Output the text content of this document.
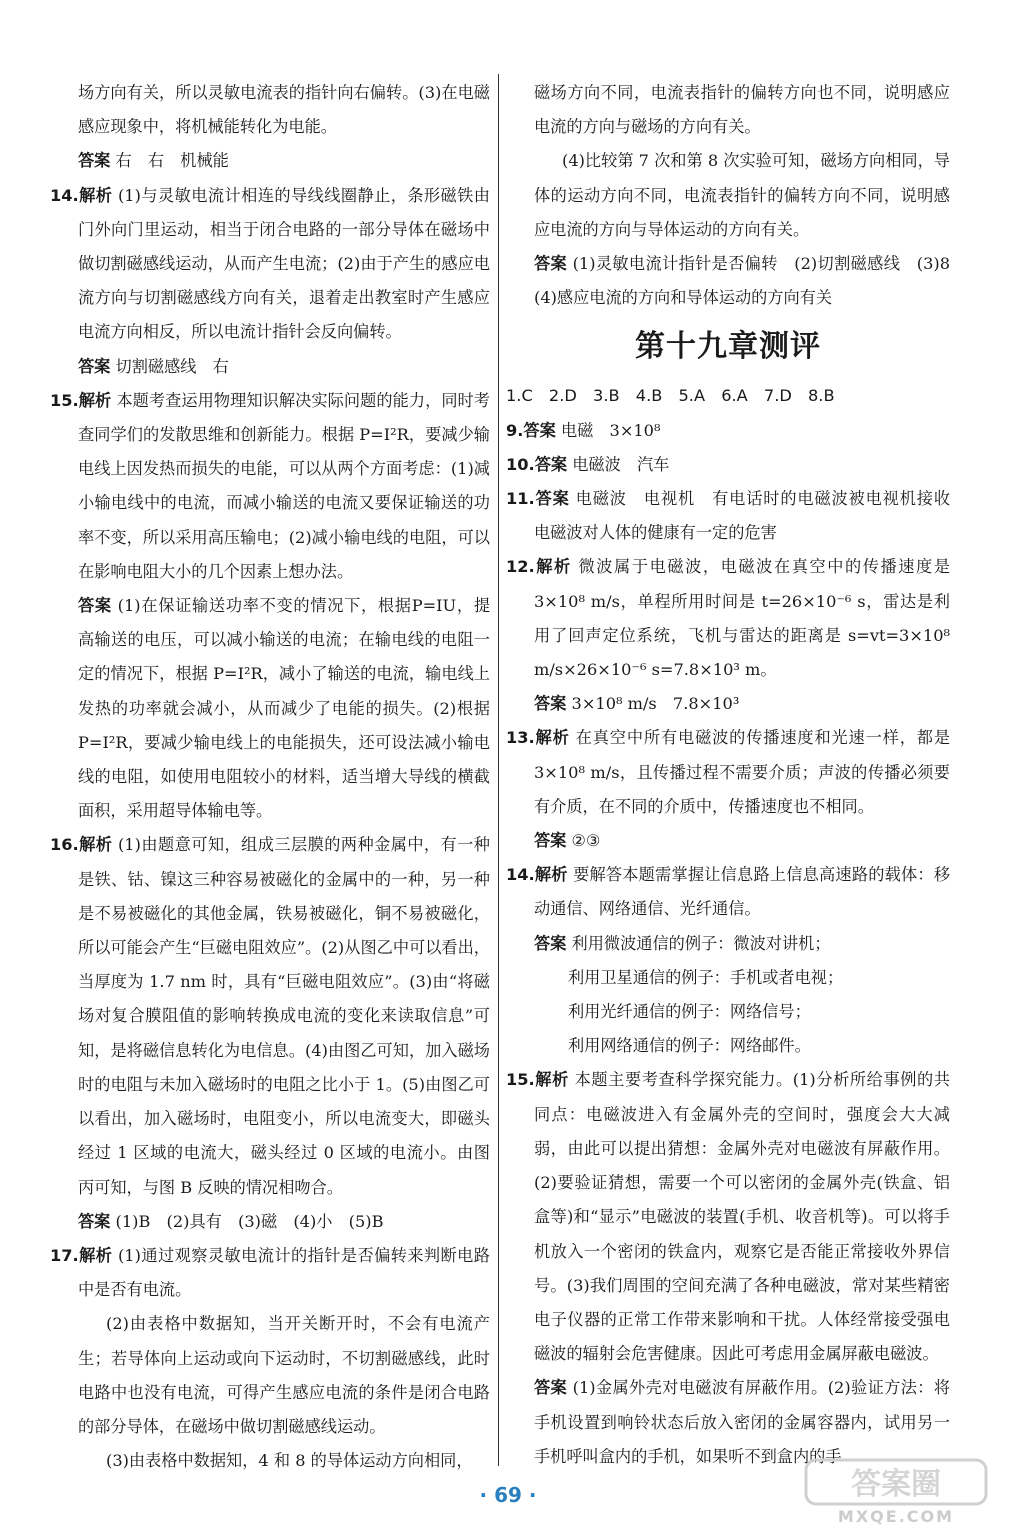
场方向有关，所以灵敏电流表的指针向右偏转。(3)在电磁感应现象中，将机械能转化为电能。

答案 右　右　机械能

14.解析 (1)与灵敏电流计相连的导线线圈静止，条形磁铁由门外向门里运动，相当于闭合电路的一部分导体在磁场中做切割磁感线运动，从而产生电流；(2)由于产生的感应电流方向与切割磁感线方向有关，退着走出教室时产生感应电流方向相反，所以电流计指针会反向偏转。

答案 切割磁感线　右

15.解析 本题考查运用物理知识解决实际问题的能力，同时考查同学们的发散思维和创新能力。根据 P=I²R，要减少输电线上因发热而损失的电能，可以从两个方面考虑：(1)减小输电线中的电流，而减小输送的电流又要保证输送的功率不变，所以采用高压输电；(2)减小输电线的电阻，可以在影响电阻大小的几个因素上想办法。

答案 (1)在保证输送功率不变的情况下，根据P=IU，提高输送的电压，可以减小输送的电流；在输电线的电阻一定的情况下，根据 P=I²R，减小了输送的电流，输电线上发热的功率就会减小，从而减少了电能的损失。(2)根据 P=I²R，要减少输电线上的电能损失，还可设法减小输电线的电阻，如使用电阻较小的材料，适当增大导线的横截面积，采用超导体输电等。

16.解析 (1)由题意可知，组成三层膜的两种金属中，有一种是铁、钴、镍这三种容易被磁化的金属中的一种，另一种是不易被磁化的其他金属，铁易被磁化，铜不易被磁化，所以可能会产生“巨磁电阻效应”。(2)从图乙中可以看出，当厚度为 1.7 nm 时，具有“巨磁电阻效应”。(3)由“将磁场对复合膜阻值的影响转换成电流的变化来读取信息”可知，是将磁信息转化为电信息。(4)由图乙可知，加入磁场时的电阻与未加入磁场时的电阻之比小于 1。(5)由图乙可以看出，加入磁场时，电阻变小，所以电流变大，即磁头经过 1 区域的电流大，磁头经过 0 区域的电流小。由图丙可知，与图 B 反映的情况相吻合。

答案 (1)B　(2)具有　(3)磁　(4)小　(5)B

17.解析 (1)通过观察灵敏电流计的指针是否偏转来判断电路中是否有电流。

(2)由表格中数据知，当开关断开时，不会有电流产生；若导体向上运动或向下运动时，不切割磁感线，此时电路中也没有电流，可得产生感应电流的条件是闭合电路的部分导体，在磁场中做切割磁感线运动。

(3)由表格中数据知，4 和 8 的导体运动方向相同，

磁场方向不同，电流表指针的偏转方向也不同，说明感应电流的方向与磁场的方向有关。

(4)比较第 7 次和第 8 次实验可知，磁场方向相同，导体的运动方向不同，电流表指针的偏转方向不同，说明感应电流的方向与导体运动的方向有关。

答案 (1)灵敏电流计指针是否偏转　(2)切割磁感线　(3)8　(4)感应电流的方向和导体运动的方向有关

第十九章测评

1.C　2.D　3.B　4.B　5.A　6.A　7.D　8.B

9.答案 电磁　3×10⁸

10.答案 电磁波　汽车

11.答案 电磁波　电视机　有电话时的电磁波被电视机接收　电磁波对人体的健康有一定的危害

12.解析 微波属于电磁波，电磁波在真空中的传播速度是 3×10⁸ m/s，单程所用时间是 t=26×10⁻⁶ s，雷达是利用了回声定位系统，飞机与雷达的距离是 s=vt=3×10⁸ m/s×26×10⁻⁶ s=7.8×10³ m。

答案 3×10⁸ m/s　7.8×10³

13.解析 在真空中所有电磁波的传播速度和光速一样，都是 3×10⁸ m/s，且传播过程不需要介质；声波的传播必须要有介质，在不同的介质中，传播速度也不相同。

答案 ②③

14.解析 要解答本题需掌握让信息路上信息高速路的载体：移动通信、网络通信、光纤通信。

答案 利用微波通信的例子：微波对讲机；

利用卫星通信的例子：手机或者电视；

利用光纤通信的例子：网络信号；

利用网络通信的例子：网络邮件。

15.解析 本题主要考查科学探究能力。(1)分析所给事例的共同点：电磁波进入有金属外壳的空间时，强度会大大减弱，由此可以提出猜想：金属外壳对电磁波有屏蔽作用。(2)要验证猜想，需要一个可以密闭的金属外壳(铁盒、铝盒等)和“显示”电磁波的装置(手机、收音机等)。可以将手机放入一个密闭的铁盒内，观察它是否能正常接收外界信号。(3)我们周围的空间充满了各种电磁波，常对某些精密电子仪器的正常工作带来影响和干扰。人体经常接受强电磁波的辐射会危害健康。因此可考虑用金属屏蔽电磁波。

答案 (1)金属外壳对电磁波有屏蔽作用。(2)验证方法：将手机设置到响铃状态后放入密闭的金属容器内，试用另一手机呼叫盒内的手机，如果听不到盒内的手

· 69 ·	答案圈
MXQE.COM
